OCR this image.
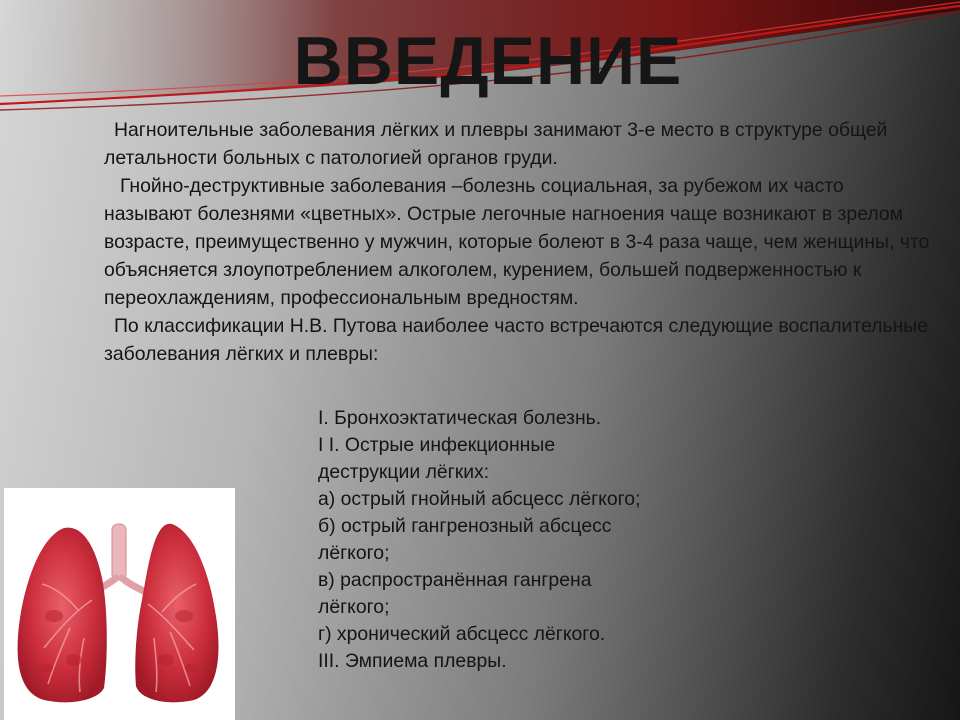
ВВЕДЕНИЕ

Нагноительные заболевания лёгких и плевры занимают 3-е место в структуре общей летальности больных с патологией органов груди.

Гнойно-деструктивные заболевания –болезнь социальная, за рубежом их часто называют болезнями «цветных». Острые легочные нагноения чаще возникают в зрелом возрасте, преимущественно у мужчин, которые болеют в 3-4 раза чаще, чем женщины, что объясняется злоупотреблением алкоголем, курением, большей подверженностью к переохлаждениям, профессиональным вредностям.

По классификации Н.В. Путова наиболее часто встречаются следующие воспалительные заболевания лёгких и плевры:

I. Бронхоэктатическая болезнь.
I I. Острые инфекционные
деструкции лёгких:
а) острый гнойный абсцесс лёгкого;
б) острый гангренозный абсцесс
лёгкого;
в) распространённая гангрена
лёгкого;
г) хронический абсцесс лёгкого.
III. Эмпиема плевры.
